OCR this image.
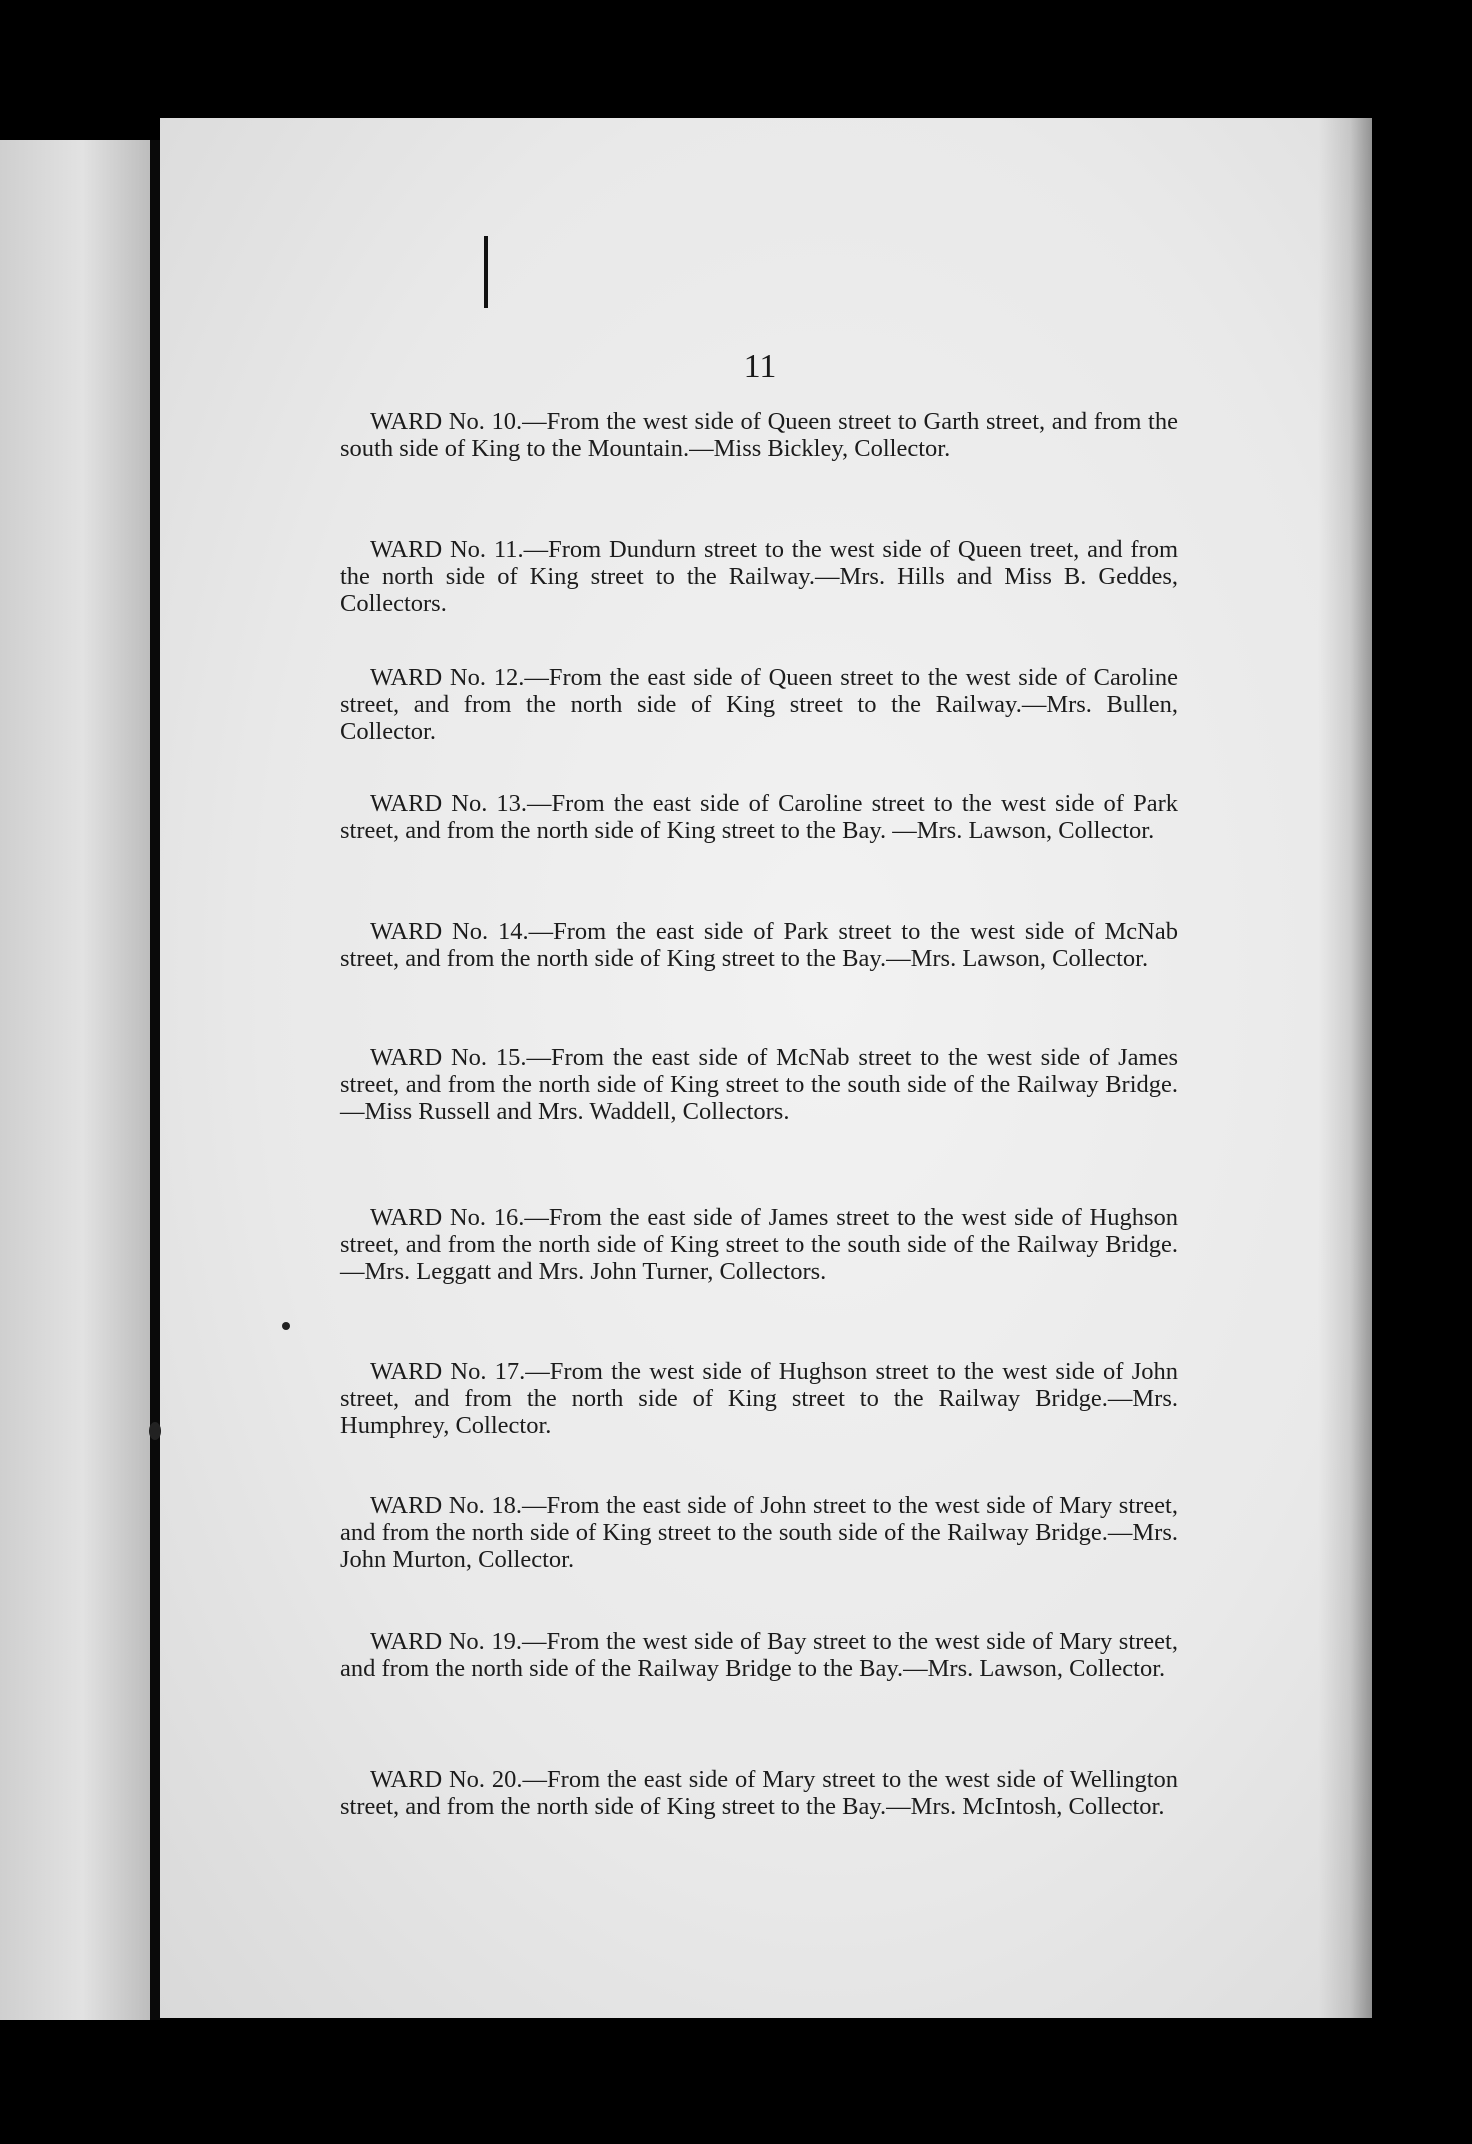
11

WARD No. 10.—From the west side of Queen street to Garth street, and from the south side of King to the Mountain.—Miss Bickley, Collector.

WARD No. 11.—From Dundurn street to the west side of Queen treet, and from the north side of King street to the Railway.—Mrs. Hills and Miss B. Geddes, Collectors.

WARD No. 12.—From the east side of Queen street to the west side of Caroline street, and from the north side of King street to the Railway.—Mrs. Bullen, Collector.

WARD No. 13.—From the east side of Caroline street to the west side of Park street, and from the north side of King street to the Bay. —Mrs. Lawson, Collector.

WARD No. 14.—From the east side of Park street to the west side of McNab street, and from the north side of King street to the Bay.—Mrs. Lawson, Collector.

WARD No. 15.—From the east side of McNab street to the west side of James street, and from the north side of King street to the south side of the Railway Bridge.—Miss Russell and Mrs. Waddell, Collectors.

WARD No. 16.—From the east side of James street to the west side of Hughson street, and from the north side of King street to the south side of the Railway Bridge.—Mrs. Leggatt and Mrs. John Turner, Collectors.

WARD No. 17.—From the west side of Hughson street to the west side of John street, and from the north side of King street to the Railway Bridge.—Mrs. Humphrey, Collector.

WARD No. 18.—From the east side of John street to the west side of Mary street, and from the north side of King street to the south side of the Railway Bridge.—Mrs. John Murton, Collector.

WARD No. 19.—From the west side of Bay street to the west side of Mary street, and from the north side of the Railway Bridge to the Bay.—Mrs. Lawson, Collector.

WARD No. 20.—From the east side of Mary street to the west side of Wellington street, and from the north side of King street to the Bay.—Mrs. McIntosh, Collector.
